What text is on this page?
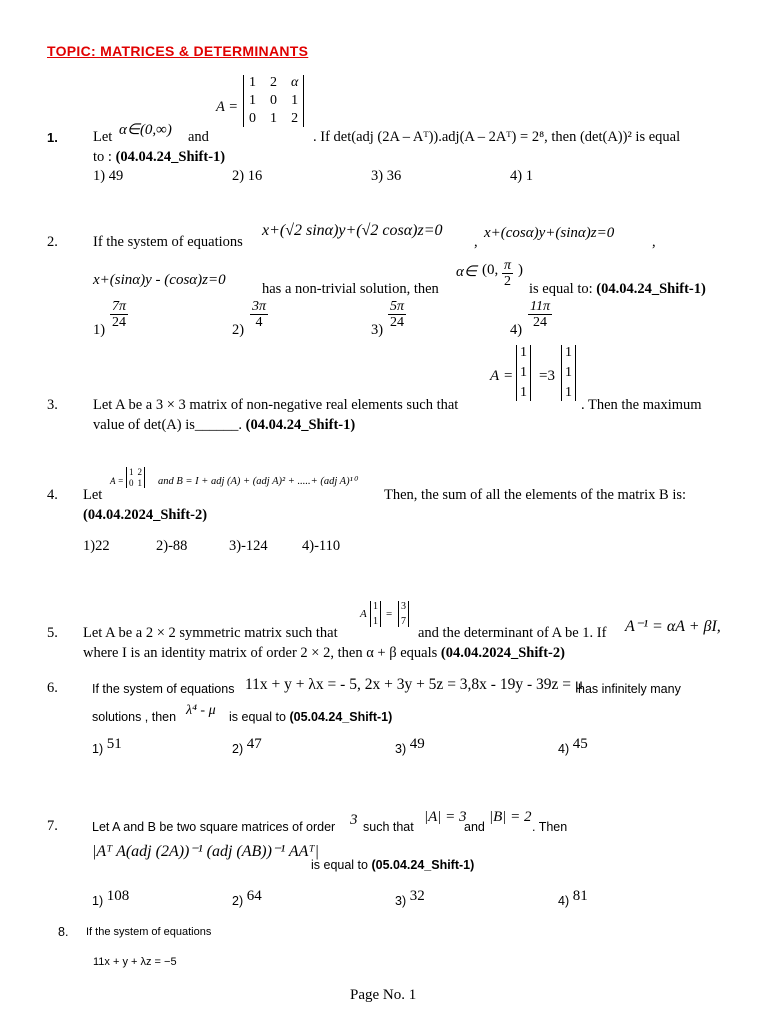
TOPIC: MATRICES & DETERMINANTS
1. Let α∈(0,∞) and
A =
1 2 α
1 0 1
0 1 2
. If det(adj (2A – Aᵀ)).adj(A – 2Aᵀ) = 2⁸, then (det(A))² is equal
to : (04.04.24_Shift-1)
1) 49	2) 16	3) 36	4) 1
2. If the system of equations
x+(√2 sinα)y+(√2 cosα)z=0
,
x+(cosα)y+(sinα)z=0
,
x+(sinα)y - (cosα)z=0
has a non-trivial solution, then
α∈ (0, $\frac{\pi}{2}$ )
is equal to: (04.04.24_Shift-1)
$1) \frac{7\pi}{24}$	$2) \frac{3\pi}{4}$	$3) \frac{5\pi}{24}$	$4) \frac{11\pi}{24}$
3. Let A be a 3 × 3 matrix of non-negative real elements such that
A =
1
1
1
=3
1
1
1
. Then the maximum
value of det(A) is______. (04.04.24_Shift-1)
4. Let
A =
1 2
0 1 and B = I + adj (A) + (adj A)² + .....+ (adj A)¹⁰
Then, the sum of all the elements of the matrix B is:
(04.04.2024_Shift-2)
1)22	2)-88	3)-124 4)-110
5. Let A be a 2 × 2 symmetric matrix such that
A
1
1
=
3
7
and the determinant of A be 1. If A⁻¹ = αA + βI,
where I is an identity matrix of order 2 × 2, then α + β equals (04.04.2024_Shift-2)
6.	If the system of equations 11x + y + λx = - 5, 2x + 3y + 5z = 3,8x - 19y - 39z = μ
has infinitely many
solutions , then λ⁴ - μ is equal to (05.04.24_Shift-1)
1) 51	2) 47	3) 49	4) 45
7.	Let A and B be two square matrices of order 3 such that
|A| = 3
and
|B| = 2
. Then
|Aᵀ A(adj (2A))⁻¹ (adj (AB))⁻¹ AAᵀ|
is equal to (05.04.24_Shift-1)
1) 108	2) 64	3) 32	4) 81
8. If the system of equations
11x + y + λz = −5
Page No. 1
